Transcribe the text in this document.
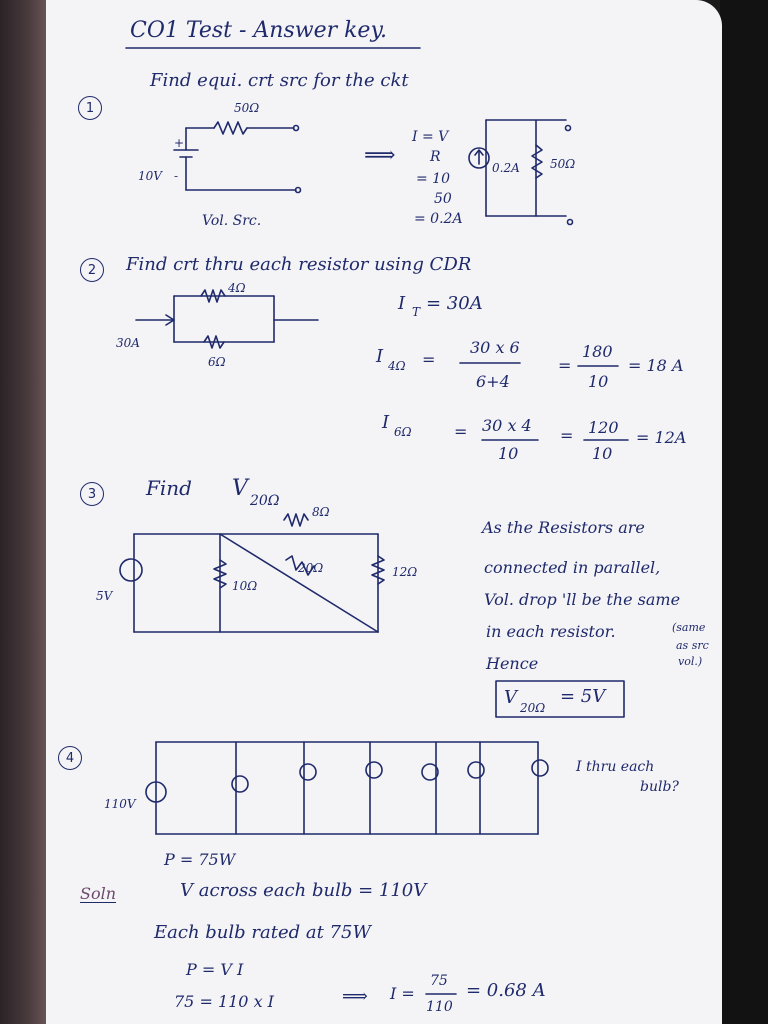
CO1 Test - Answer key.
1
Find equi. crt src for the ckt
50Ω
+
10V -
Vol. Src.
⟹
I = V
R
= 10
50
= 0.2A
0.2A	50Ω
2	Find crt thru each resistor using CDR
4Ω
6Ω
30A
I T = 30A
I 4Ω =
30 x 6
6+4
=
180
10
= 18 A
I 6Ω	= 30 x 4
10
= 120
10
= 12A
3	Find V 20Ω
8Ω
10Ω
20Ω	12Ω
5V
As the Resistors are
connected in parallel,
Vol. drop 'll be the same
in each resistor.	(same
as src
vol.)
Hence
V 20Ω
= 5V
4
110V
I thru each
bulb?
P = 75W
Soln	V across each bulb = 110V
Each bulb rated at 75W
P = V I
75 = 110 x I	⟹ I =
75
110
= 0.68 A
